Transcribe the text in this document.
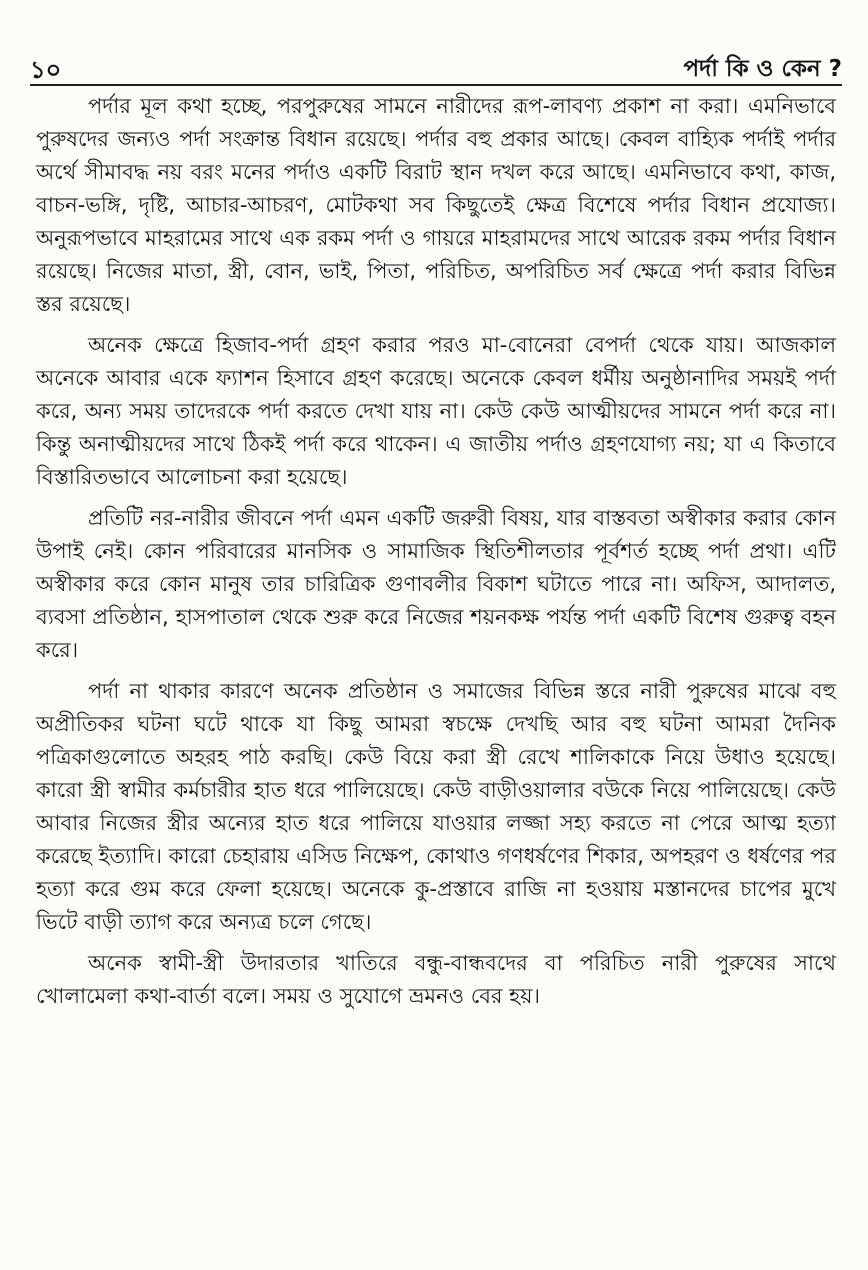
১০	পর্দা কি ও কেন ?

পর্দার মূল কথা হচ্ছে, পরপুরুষের সামনে নারীদের রূপ-লাবণ্য প্রকাশ না করা। এমনিভাবে পুরুষদের জন্যও পর্দা সংক্রান্ত বিধান রয়েছে। পর্দার বহু প্রকার আছে। কেবল বাহ্যিক পর্দাই পর্দার অর্থে সীমাবদ্ধ নয় বরং মনের পর্দাও একটি বিরাট স্থান দখল করে আছে। এমনিভাবে কথা, কাজ, বাচন-ভঙ্গি, দৃষ্টি, আচার-আচরণ, মোটকথা সব কিছুতেই ক্ষেত্র বিশেষে পর্দার বিধান প্রযোজ্য। অনুরূপভাবে মাহরামের সাথে এক রকম পর্দা ও গায়রে মাহরামদের সাথে আরেক রকম পর্দার বিধান রয়েছে। নিজের মাতা, স্ত্রী, বোন, ভাই, পিতা, পরিচিত, অপরিচিত সর্ব ক্ষেত্রে পর্দা করার বিভিন্ন স্তর রয়েছে।

অনেক ক্ষেত্রে হিজাব-পর্দা গ্রহণ করার পরও মা-বোনেরা বেপর্দা থেকে যায়। আজকাল অনেকে আবার একে ফ্যাশন হিসাবে গ্রহণ করেছে। অনেকে কেবল ধর্মীয় অনুষ্ঠানাদির সময়ই পর্দা করে, অন্য সময় তাদেরকে পর্দা করতে দেখা যায় না। কেউ কেউ আত্মীয়দের সামনে পর্দা করে না। কিন্তু অনাত্মীয়দের সাথে ঠিকই পর্দা করে থাকেন। এ জাতীয় পর্দাও গ্রহণযোগ্য নয়; যা এ কিতাবে বিস্তারিতভাবে আলোচনা করা হয়েছে।

প্রতিটি নর-নারীর জীবনে পর্দা এমন একটি জরুরী বিষয়, যার বাস্তবতা অস্বীকার করার কোন উপাই নেই। কোন পরিবারের মানসিক ও সামাজিক স্থিতিশীলতার পূর্বশর্ত হচ্ছে পর্দা প্রথা। এটি অস্বীকার করে কোন মানুষ তার চারিত্রিক গুণাবলীর বিকাশ ঘটাতে পারে না। অফিস, আদালত, ব্যবসা প্রতিষ্ঠান, হাসপাতাল থেকে শুরু করে নিজের শয়নকক্ষ পর্যন্ত পর্দা একটি বিশেষ গুরুত্ব বহন করে।

পর্দা না থাকার কারণে অনেক প্রতিষ্ঠান ও সমাজের বিভিন্ন স্তরে নারী পুরুষের মাঝে বহু অপ্রীতিকর ঘটনা ঘটে থাকে যা কিছু আমরা স্বচক্ষে দেখছি আর বহু ঘটনা আমরা দৈনিক পত্রিকাগুলোতে অহরহ পাঠ করছি। কেউ বিয়ে করা স্ত্রী রেখে শালিকাকে নিয়ে উধাও হয়েছে। কারো স্ত্রী স্বামীর কর্মচারীর হাত ধরে পালিয়েছে। কেউ বাড়ীওয়ালার বউকে নিয়ে পালিয়েছে। কেউ আবার নিজের স্ত্রীর অন্যের হাত ধরে পালিয়ে যাওয়ার লজ্জা সহ্য করতে না পেরে আত্ম হত্যা করেছে ইত্যাদি। কারো চেহারায় এসিড নিক্ষেপ, কোথাও গণধর্ষণের শিকার, অপহরণ ও ধর্ষণের পর হত্যা করে গুম করে ফেলা হয়েছে। অনেকে কু-প্রস্তাবে রাজি না হওয়ায় মস্তানদের চাপের মুখে ভিটে বাড়ী ত্যাগ করে অন্যত্র চলে গেছে।

অনেক স্বামী-স্ত্রী উদারতার খাতিরে বন্ধু-বান্ধবদের বা পরিচিত নারী পুরুষের সাথে খোলামেলা কথা-বার্তা বলে। সময় ও সুযোগে ভ্রমনও বের হয়।
